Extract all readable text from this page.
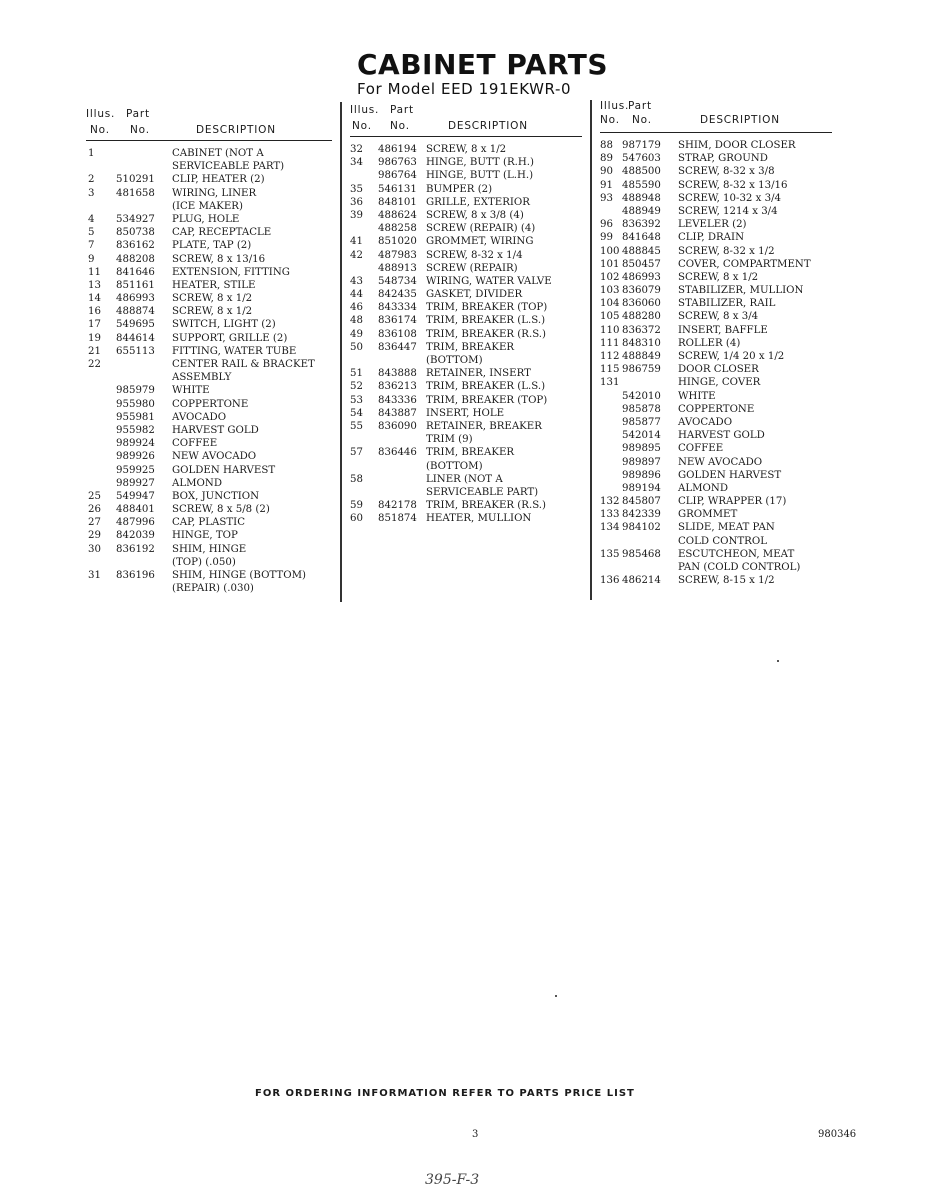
CABINET PARTS
For Model EED 191EKWR-0
Illus. Part
No. No.	DESCRIPTION
1	CABINET (NOT A
SERVICEABLE PART)
2 510291 CLIP, HEATER (2)
3 481658 WIRING, LINER
(ICE MAKER)
4 534927 PLUG, HOLE
5 850738 CAP, RECEPTACLE
7 836162 PLATE, TAP (2)
9 488208 SCREW, 8 x 13/16
11 841646 EXTENSION, FITTING
13 851161 HEATER, STILE
14 486993 SCREW, 8 x 1/2
16 488874 SCREW, 8 x 1/2
17 549695 SWITCH, LIGHT (2)
19 844614 SUPPORT, GRILLE (2)
21 655113 FITTING, WATER TUBE
22	CENTER RAIL & BRACKET
ASSEMBLY
985979 WHITE
955980 COPPERTONE
955981 AVOCADO
955982 HARVEST GOLD
989924 COFFEE
989926 NEW AVOCADO
959925 GOLDEN HARVEST
989927 ALMOND
25 549947 BOX, JUNCTION
26 488401 SCREW, 8 x 5/8 (2)
27 487996 CAP, PLASTIC
29 842039 HINGE, TOP
30 836192 SHIM, HINGE
(TOP) (.050)
31 836196 SHIM, HINGE (BOTTOM)
(REPAIR) (.030)
Illus. Part
No. No.	DESCRIPTION
32 486194 SCREW, 8 x 1/2
34 986763 HINGE, BUTT (R.H.)
986764 HINGE, BUTT (L.H.)
35 546131 BUMPER (2)
36 848101 GRILLE, EXTERIOR
39 488624 SCREW, 8 x 3/8 (4)
488258 SCREW (REPAIR) (4)
41 851020 GROMMET, WIRING
42 487983 SCREW, 8-32 x 1/4
488913 SCREW (REPAIR)
43 548734 WIRING, WATER VALVE
44 842435 GASKET, DIVIDER
46 843334 TRIM, BREAKER (TOP)
48 836174 TRIM, BREAKER (L.S.)
49 836108 TRIM, BREAKER (R.S.)
50 836447 TRIM, BREAKER
(BOTTOM)
51 843888 RETAINER, INSERT
52 836213 TRIM, BREAKER (L.S.)
53 843336 TRIM, BREAKER (TOP)
54 843887 INSERT, HOLE
55 836090 RETAINER, BREAKER
TRIM (9)
57 836446 TRIM, BREAKER
(BOTTOM)
58	LINER (NOT A
SERVICEABLE PART)
59 842178 TRIM, BREAKER (R.S.)
60 851874 HEATER, MULLION
Illus.
Part
No. No.	DESCRIPTION
88 987179 SHIM, DOOR CLOSER
89 547603 STRAP, GROUND
90 488500 SCREW, 8-32 x 3/8
91 485590 SCREW, 8-32 x 13/16
93 488948 SCREW, 10-32 x 3/4
488949 SCREW, 1214 x 3/4
96 836392 LEVELER (2)
99 841648 CLIP, DRAIN
100 488845 SCREW, 8-32 x 1/2
101 850457 COVER, COMPARTMENT
102 486993 SCREW, 8 x 1/2
103 836079 STABILIZER, MULLION
104 836060 STABILIZER, RAIL
105 488280 SCREW, 8 x 3/4
110 836372 INSERT, BAFFLE
111 848310 ROLLER (4)
112 488849 SCREW, 1/4 20 x 1/2
115 986759 DOOR CLOSER
131	HINGE, COVER
542010 WHITE
985878 COPPERTONE
985877 AVOCADO
542014 HARVEST GOLD
989895 COFFEE
989897 NEW AVOCADO
989896 GOLDEN HARVEST
989194 ALMOND
132 845807 CLIP, WRAPPER (17)
133 842339 GROMMET
134 984102 SLIDE, MEAT PAN
COLD CONTROL
135 985468 ESCUTCHEON, MEAT
PAN (COLD CONTROL)
136 486214 SCREW, 8-15 x 1/2
FOR ORDERING INFORMATION REFER TO PARTS PRICE LIST
3	980346
395-F-3
